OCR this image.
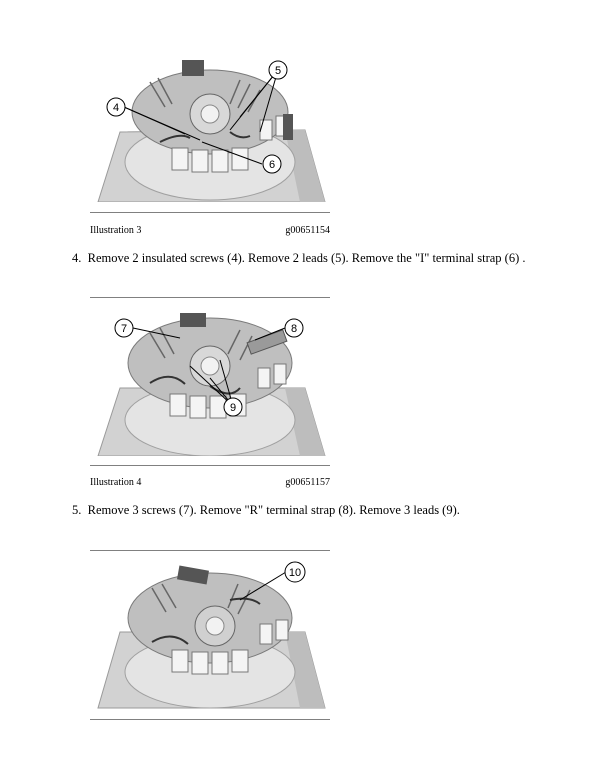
5
4
6
Illustration 3	g00651154
4. Remove 2 insulated screws (4). Remove 2 leads (5). Remove the "I" terminal strap (6) .
7	8
9
Illustration 4	g00651157
5. Remove 3 screws (7). Remove "R" terminal strap (8). Remove 3 leads (9).
10
